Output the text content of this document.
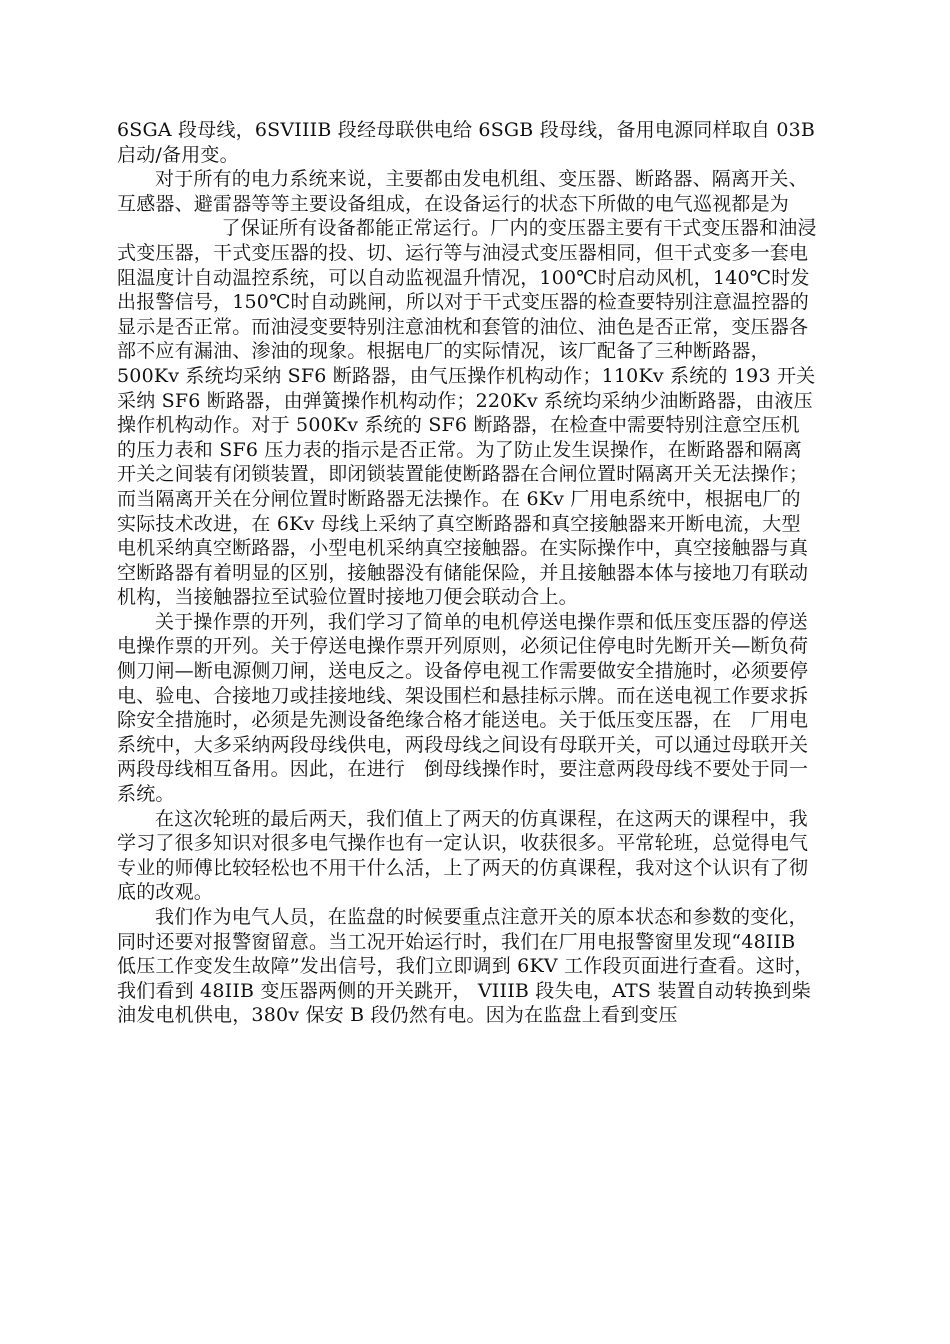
6SGA 段母线，6SVIIIB 段经母联供电给 6SGB 段母线，备用电源同样取自 03B 启动/备用变。

对于所有的电力系统来说，主要都由发电机组、变压器、断路器、隔离开关、互感器、避雷器等等主要设备组成，在设备运行的状态下所做的电气巡视都是为

了保证所有设备都能正常运行。厂内的变压器主要有干式变压器和油浸式变压器，干式变压器的投、切、运行等与油浸式变压器相同，但干式变多一套电阻温度计自动温控系统，可以自动监视温升情况，100℃时启动风机，140℃时发出报警信号，150℃时自动跳闸，所以对于干式变压器的检查要特别注意温控器的显示是否正常。而油浸变要特别注意油枕和套管的油位、油色是否正常，变压器各部不应有漏油、渗油的现象。根据电厂的实际情况，该厂配备了三种断路器，500Kv 系统均采纳 SF6 断路器，由气压操作机构动作；110Kv 系统的 193 开关采纳 SF6 断路器，由弹簧操作机构动作；220Kv 系统均采纳少油断路器，由液压操作机构动作。对于 500Kv 系统的 SF6 断路器，在检查中需要特别注意空压机的压力表和 SF6 压力表的指示是否正常。为了防止发生误操作，在断路器和隔离开关之间装有闭锁装置，即闭锁装置能使断路器在合闸位置时隔离开关无法操作；而当隔离开关在分闸位置时断路器无法操作。在 6Kv 厂用电系统中，根据电厂的实际技术改进，在 6Kv 母线上采纳了真空断路器和真空接触器来开断电流，大型电机采纳真空断路器，小型电机采纳真空接触器。在实际操作中，真空接触器与真空断路器有着明显的区别，接触器没有储能保险，并且接触器本体与接地刀有联动机构，当接触器拉至试验位置时接地刀便会联动合上。

关于操作票的开列，我们学习了简单的电机停送电操作票和低压变压器的停送电操作票的开列。关于停送电操作票开列原则，必须记住停电时先断开关—断负荷侧刀闸—断电源侧刀闸，送电反之。设备停电视工作需要做安全措施时，必须要停电、验电、合接地刀或挂接地线、架设围栏和悬挂标示牌。而在送电视工作要求拆除安全措施时，必须是先测设备绝缘合格才能送电。关于低压变压器，在　厂用电系统中，大多采纳两段母线供电，两段母线之间设有母联开关，可以通过母联开关两段母线相互备用。因此，在进行　倒母线操作时，要注意两段母线不要处于同一系统。

在这次轮班的最后两天，我们值上了两天的仿真课程，在这两天的课程中，我学习了很多知识对很多电气操作也有一定认识，收获很多。平常轮班，总觉得电气专业的师傅比较轻松也不用干什么活，上了两天的仿真课程，我对这个认识有了彻底的改观。

我们作为电气人员，在监盘的时候要重点注意开关的原本状态和参数的变化，同时还要对报警窗留意。当工况开始运行时，我们在厂用电报警窗里发现“48IIB 低压工作变发生故障”发出信号，我们立即调到 6KV 工作段页面进行查看。这时，我们看到 48IIB 变压器两侧的开关跳开， VIIIB 段失电，ATS 装置自动转换到柴油发电机供电，380v 保安 B 段仍然有电。因为在监盘上看到变压
